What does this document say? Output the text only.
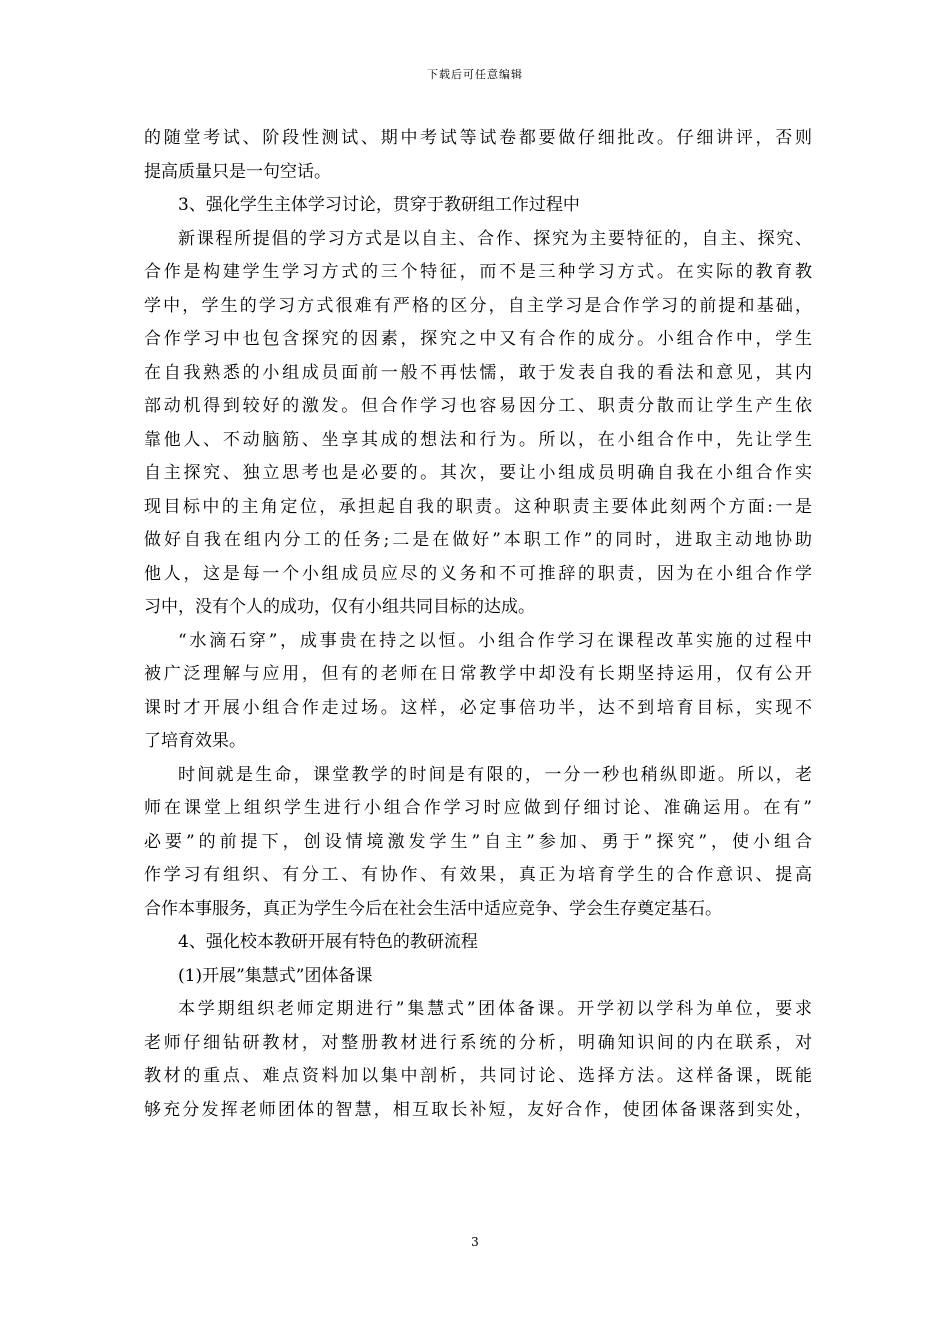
下载后可任意编辑
的随堂考试、阶段性测试、期中考试等试卷都要做仔细批改。仔细讲评，否则
提高质量只是一句空话。
3、强化学生主体学习讨论，贯穿于教研组工作过程中
新课程所提倡的学习方式是以自主、合作、探究为主要特征的，自主、探究、
合作是构建学生学习方式的三个特征，而不是三种学习方式。在实际的教育教
学中，学生的学习方式很难有严格的区分，自主学习是合作学习的前提和基础，
合作学习中也包含探究的因素，探究之中又有合作的成分。小组合作中，学生
在自我熟悉的小组成员面前一般不再怯懦，敢于发表自我的看法和意见，其内
部动机得到较好的激发。但合作学习也容易因分工、职责分散而让学生产生依
靠他人、不动脑筋、坐享其成的想法和行为。所以，在小组合作中，先让学生
自主探究、独立思考也是必要的。其次，要让小组成员明确自我在小组合作实
现目标中的主角定位，承担起自我的职责。这种职责主要体此刻两个方面:一是
做好自我在组内分工的任务;二是在做好”本职工作”的同时，进取主动地协助
他人，这是每一个小组成员应尽的义务和不可推辞的职责，因为在小组合作学
习中，没有个人的成功，仅有小组共同目标的达成。
“水滴石穿”，成事贵在持之以恒。小组合作学习在课程改革实施的过程中
被广泛理解与应用，但有的老师在日常教学中却没有长期坚持运用，仅有公开
课时才开展小组合作走过场。这样，必定事倍功半，达不到培育目标，实现不
了培育效果。
时间就是生命，课堂教学的时间是有限的，一分一秒也稍纵即逝。所以，老
师在课堂上组织学生进行小组合作学习时应做到仔细讨论、准确运用。在有”
必要”的前提下，创设情境激发学生”自主”参加、勇于”探究”，使小组合
作学习有组织、有分工、有协作、有效果，真正为培育学生的合作意识、提高
合作本事服务，真正为学生今后在社会生活中适应竞争、学会生存奠定基石。
4、强化校本教研开展有特色的教研流程
(1)开展”集慧式”团体备课
本学期组织老师定期进行”集慧式”团体备课。开学初以学科为单位，要求
老师仔细钻研教材，对整册教材进行系统的分析，明确知识间的内在联系，对
教材的重点、难点资料加以集中剖析，共同讨论、选择方法。这样备课，既能
够充分发挥老师团体的智慧，相互取长补短，友好合作，使团体备课落到实处，
3
